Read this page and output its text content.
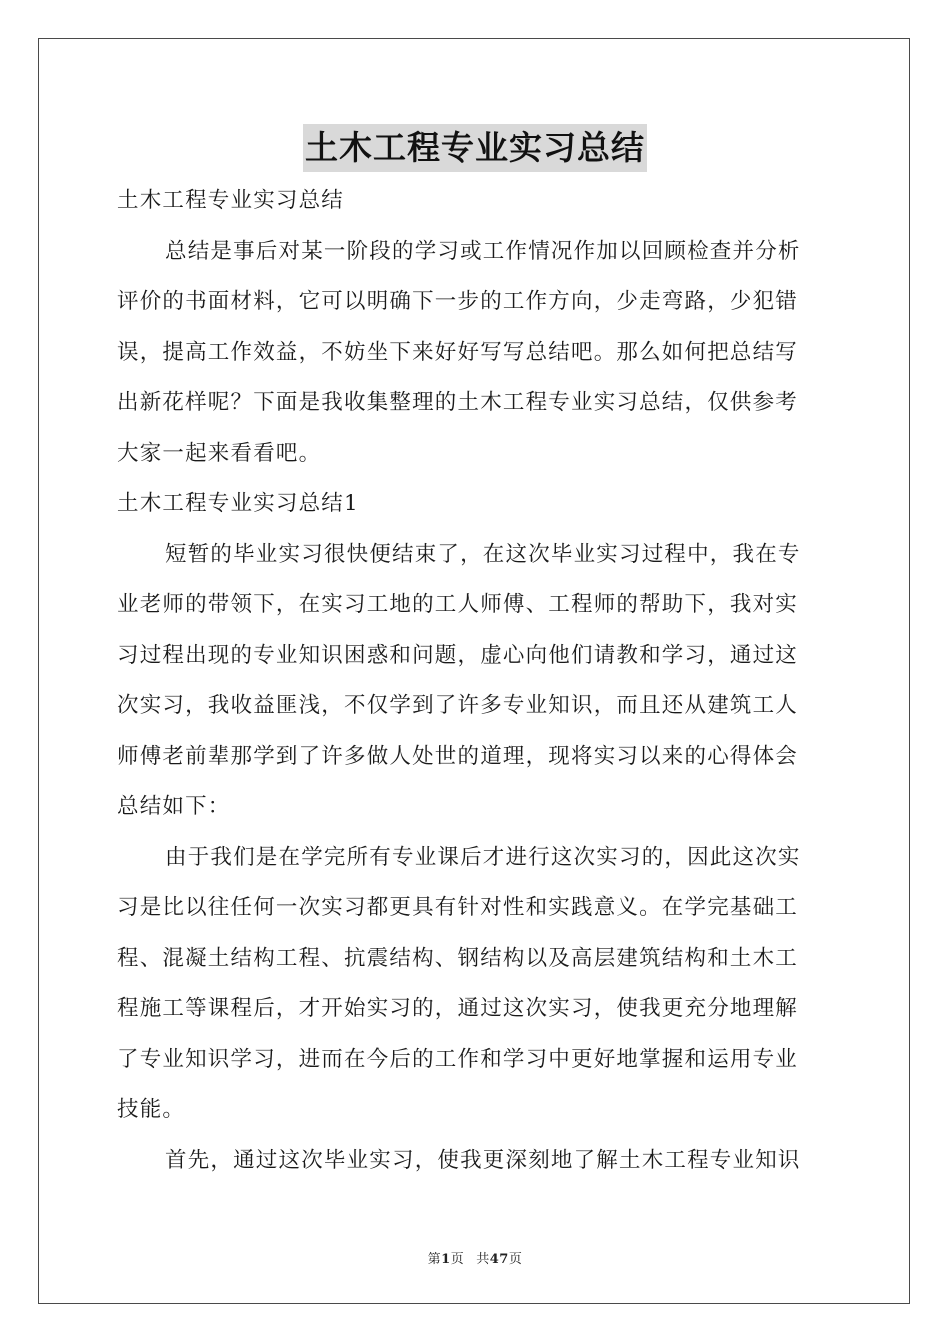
土木工程专业实习总结
土木工程专业实习总结
总结是事后对某一阶段的学习或工作情况作加以回顾检查并分析
评价的书面材料，它可以明确下一步的工作方向，少走弯路，少犯错
误，提高工作效益，不妨坐下来好好写写总结吧。那么如何把总结写
出新花样呢？下面是我收集整理的土木工程专业实习总结，仅供参考
大家一起来看看吧。
土木工程专业实习总结1
短暂的毕业实习很快便结束了，在这次毕业实习过程中，我在专
业老师的带领下，在实习工地的工人师傅、工程师的帮助下，我对实
习过程出现的专业知识困惑和问题，虚心向他们请教和学习，通过这
次实习，我收益匪浅，不仅学到了许多专业知识，而且还从建筑工人
师傅老前辈那学到了许多做人处世的道理，现将实习以来的心得体会
总结如下：
由于我们是在学完所有专业课后才进行这次实习的，因此这次实
习是比以往任何一次实习都更具有针对性和实践意义。在学完基础工
程、混凝土结构工程、抗震结构、钢结构以及高层建筑结构和土木工
程施工等课程后，才开始实习的，通过这次实习，使我更充分地理解
了专业知识学习，进而在今后的工作和学习中更好地掌握和运用专业
技能。
首先，通过这次毕业实习，使我更深刻地了解土木工程专业知识
第1页 共47页
